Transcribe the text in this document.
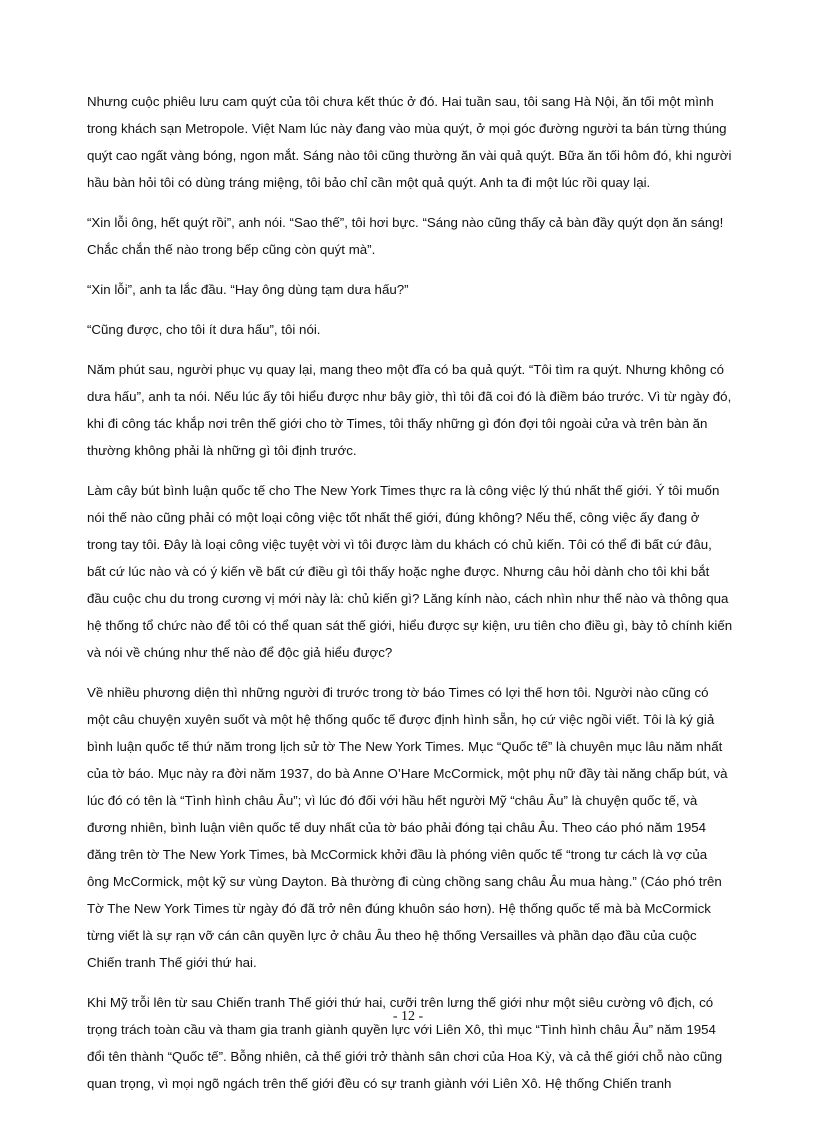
Nhưng cuộc phiêu lưu cam quýt của tôi chưa kết thúc ở đó. Hai tuần sau, tôi sang Hà Nội, ăn tối một mình trong khách sạn Metropole. Việt Nam lúc này đang vào mùa quýt, ở mọi góc đường người ta bán từng thúng quýt cao ngất vàng bóng, ngon mắt. Sáng nào tôi cũng thường ăn vài quả quýt. Bữa ăn tối hôm đó, khi người hầu bàn hỏi tôi có dùng tráng miệng, tôi bảo chỉ cần một quả quýt. Anh ta đi một lúc rồi quay lại.

“Xin lỗi ông, hết quýt rồi”, anh nói. “Sao thế”, tôi hơi bực. “Sáng nào cũng thấy cả bàn đầy quýt dọn ăn sáng! Chắc chắn thế nào trong bếp cũng còn quýt mà”.

“Xin lỗi”, anh ta lắc đầu. “Hay ông dùng tạm dưa hấu?”

“Cũng được, cho tôi ít dưa hấu”, tôi nói.

Năm phút sau, người phục vụ quay lại, mang theo một đĩa có ba quả quýt. “Tôi tìm ra quýt. Nhưng không có dưa hấu”, anh ta nói. Nếu lúc ấy tôi hiểu được như bây giờ, thì tôi đã coi đó là điềm báo trước. Vì từ ngày đó, khi đi công tác khắp nơi trên thế giới cho tờ Times, tôi thấy những gì đón đợi tôi ngoài cửa và trên bàn ăn thường không phải là những gì tôi định trước.

Làm cây bút bình luận quốc tế cho The New York Times thực ra là công việc lý thú nhất thế giới. Ý tôi muốn nói thế nào cũng phải có một loại công việc tốt nhất thế giới, đúng không? Nếu thế, công việc ấy đang ở trong tay tôi. Đây là loại công việc tuyệt vời vì tôi được làm du khách có chủ kiến. Tôi có thể đi bất cứ đâu, bất cứ lúc nào và có ý kiến về bất cứ điều gì tôi thấy hoặc nghe được. Nhưng câu hỏi dành cho tôi khi bắt đầu cuộc chu du trong cương vị mới này là: chủ kiến gì? Lăng kính nào, cách nhìn như thế nào và thông qua hệ thống tổ chức nào để tôi có thể quan sát thế giới, hiểu được sự kiện, ưu tiên cho điều gì, bày tỏ chính kiến và nói về chúng như thế nào để độc giả hiểu được?

Về nhiều phương diện thì những người đi trước trong tờ báo Times có lợi thế hơn tôi. Người nào cũng có một câu chuyện xuyên suốt và một hệ thống quốc tế được định hình sẵn, họ cứ việc ngồi viết. Tôi là ký giả bình luận quốc tế thứ năm trong lịch sử tờ The New York Times. Mục “Quốc tế” là chuyên mục lâu năm nhất của tờ báo. Mục này ra đời năm 1937, do bà Anne O’Hare McCormick, một phụ nữ đầy tài năng chấp bút, và lúc đó có tên là “Tình hình châu Âu”; vì lúc đó đối với hầu hết người Mỹ “châu Âu” là chuyện quốc tế, và đương nhiên, bình luận viên quốc tế duy nhất của tờ báo phải đóng tại châu Âu. Theo cáo phó năm 1954 đăng trên tờ The New York Times, bà McCormick khởi đầu là phóng viên quốc tế “trong tư cách là vợ của ông McCormick, một kỹ sư vùng Dayton. Bà thường đi cùng chồng sang châu Âu mua hàng.” (Cáo phó trên Tờ The New York Times từ ngày đó đã trở nên đúng khuôn sáo hơn). Hệ thống quốc tế mà bà McCormick từng viết là sự rạn vỡ cán cân quyền lực ở châu Âu theo hệ thống Versailles và phần dạo đầu của cuộc Chiến tranh Thế giới thứ hai.

Khi Mỹ trỗi lên từ sau Chiến tranh Thế giới thứ hai, cưỡi trên lưng thế giới như một siêu cường vô địch, có trọng trách toàn cầu và tham gia tranh giành quyền lực với Liên Xô, thì mục “Tình hình châu Âu” năm 1954 đổi tên thành “Quốc tế”. Bỗng nhiên, cả thế giới trở thành sân chơi của Hoa Kỳ, và cả thế giới chỗ nào cũng quan trọng, vì mọi ngõ ngách trên thế giới đều có sự tranh giành với Liên Xô. Hệ thống Chiến tranh

- 12 -
